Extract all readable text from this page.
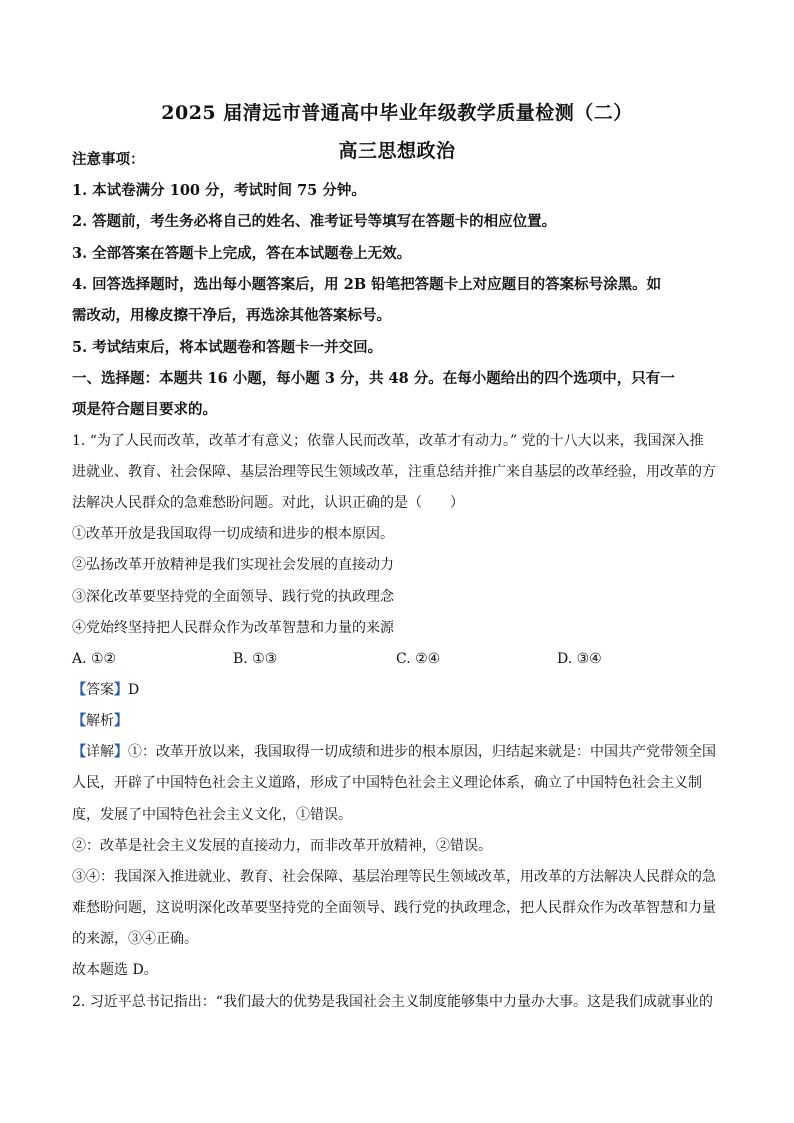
2025 届清远市普通高中毕业年级教学质量检测（二）
高三思想政治
注意事项：
1. 本试卷满分 100 分，考试时间 75 分钟。
2. 答题前，考生务必将自己的姓名、准考证号等填写在答题卡的相应位置。
3. 全部答案在答题卡上完成，答在本试题卷上无效。
4. 回答选择题时，选出每小题答案后，用 2B 铅笔把答题卡上对应题目的答案标号涂黑。如
需改动，用橡皮擦干净后，再选涂其他答案标号。
5. 考试结束后，将本试题卷和答题卡一并交回。
一、选择题：本题共 16 小题，每小题 3 分，共 48 分。在每小题给出的四个选项中，只有一
项是符合题目要求的。
1. “为了人民而改革，改革才有意义；依靠人民而改革，改革才有动力。” 党的十八大以来，我国深入推
进就业、教育、社会保障、基层治理等民生领域改革，注重总结并推广来自基层的改革经验，用改革的方
法解决人民群众的急难愁盼问题。对此，认识正确的是（　　）
①改革开放是我国取得一切成绩和进步的根本原因。
②弘扬改革开放精神是我们实现社会发展的直接动力
③深化改革要坚持党的全面领导、践行党的执政理念
④党始终坚持把人民群众作为改革智慧和力量的来源
A. ①②	B. ①③	C. ②④	D. ③④
【答案】D
【解析】
【详解】①：改革开放以来，我国取得一切成绩和进步的根本原因，归结起来就是：中国共产党带领全国
人民，开辟了中国特色社会主义道路，形成了中国特色社会主义理论体系，确立了中国特色社会主义制
度，发展了中国特色社会主义文化，①错误。
②：改革是社会主义发展的直接动力，而非改革开放精神，②错误。
③④：我国深入推进就业、教育、社会保障、基层治理等民生领域改革，用改革的方法解决人民群众的急
难愁盼问题，这说明深化改革要坚持党的全面领导、践行党的执政理念，把人民群众作为改革智慧和力量
的来源，③④正确。
故本题选 D。
2. 习近平总书记指出：“我们最大的优势是我国社会主义制度能够集中力量办大事。这是我们成就事业的
